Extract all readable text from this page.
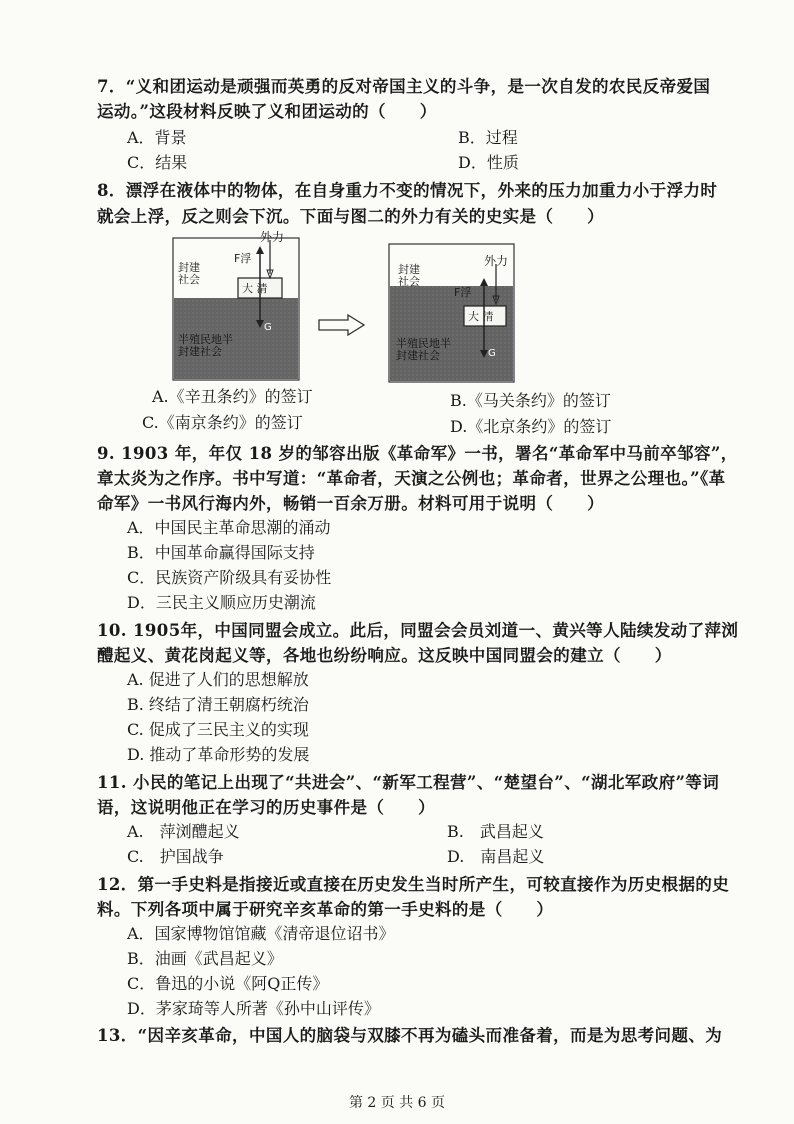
7．“义和团运动是顽强而英勇的反对帝国主义的斗争，是一次自发的农民反帝爱国
运动。”这段材料反映了义和团运动的（　　）
A．背景	B．过程
C．结果	D．性质
8．漂浮在液体中的物体，在自身重力不变的情况下，外来的压力加重力小于浮力时
就会上浮，反之则会下沉。下面与图二的外力有关的史实是（　　）
外力
F浮
封建社会
大 清
G
半殖民地半封建社会
外力
F浮
封建社会
大 清
G
半殖民地半封建社会
A.《辛丑条约》的签订	B.《马关条约》的签订
C.《南京条约》的签订	D.《北京条约》的签订
9. 1903 年，年仅 18 岁的邹容出版《革命军》一书，署名“革命军中马前卒邹容”，
章太炎为之作序。书中写道：“革命者，天演之公例也；革命者，世界之公理也。”《革
命军》一书风行海内外，畅销一百余万册。材料可用于说明（　　）
A．中国民主革命思潮的涌动
B．中国革命赢得国际支持
C．民族资产阶级具有妥协性
D．三民主义顺应历史潮流
10. 1905年，中国同盟会成立。此后，同盟会会员刘道一、黄兴等人陆续发动了萍浏
醴起义、黄花岗起义等，各地也纷纷响应。这反映中国同盟会的建立（　　）
A. 促进了人们的思想解放
B. 终结了清王朝腐朽统治
C. 促成了三民主义的实现
D. 推动了革命形势的发展
11. 小民的笔记上出现了“共进会”、“新军工程营”、“楚望台”、“湖北军政府”等词
语，这说明他正在学习的历史事件是（　　）
A.　萍浏醴起义	B.　武昌起义
C.　护国战争	D.　南昌起义
12．第一手史料是指接近或直接在历史发生当时所产生，可较直接作为历史根据的史
料。下列各项中属于研究辛亥革命的第一手史料的是（　　）
A．国家博物馆馆藏《清帝退位诏书》
B．油画《武昌起义》
C．鲁迅的小说《阿Q正传》
D．茅家琦等人所著《孙中山评传》
13．“因辛亥革命，中国人的脑袋与双膝不再为磕头而准备着，而是为思考问题、为
第 2 页 共 6 页
